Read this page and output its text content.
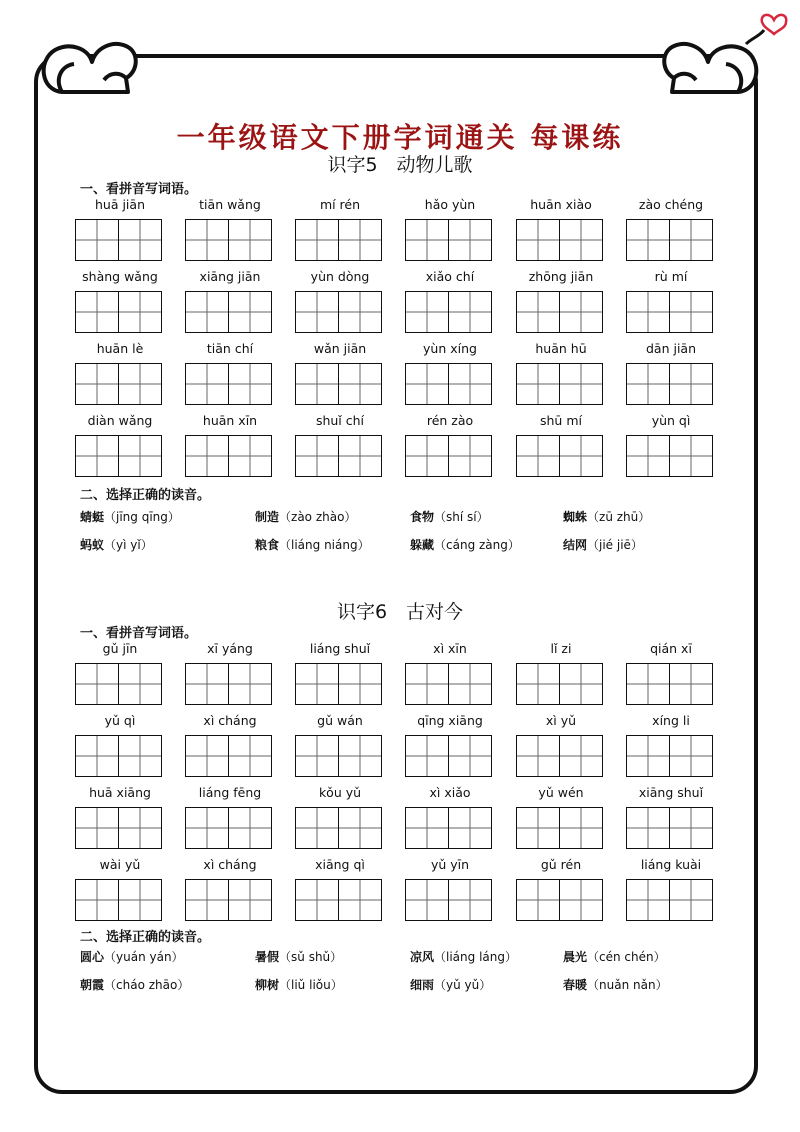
一年级语文下册字词通关 每课练
识字5　动物儿歌
一、看拼音写词语。
huā jiān	tiān wǎng	mí rén	hǎo yùn	huān xiào	zào chéng
shàng wǎng	xiāng jiān	yùn dòng	xiǎo chí	zhōng jiān	rù mí
huān lè	tiān chí	wǎn jiān	yùn xíng	huān hū	dān jiān
diàn wǎng	huān xīn	shuǐ chí	rén zào	shū mí	yùn qì
二、选择正确的读音。
蜻蜓（jīng qīng）	制造（zào zhào）	食物（shí sí）	蜘蛛（zū zhū）
蚂蚁（yì yǐ）	粮食（liáng niáng）	躲藏（cáng zàng）	结网（jié jiē）
识字6　古对今
一、看拼音写词语。
gǔ jīn	xī yáng	liáng shuǐ	xì xīn	lǐ zi	qián xī
yǔ qì	xì cháng	gǔ wán	qīng xiāng	xì yǔ	xíng li
huā xiāng	liáng fēng	kǒu yǔ	xì xiǎo	yǔ wén	xiāng shuǐ
wài yǔ	xì cháng	xiāng qì	yǔ yīn	gǔ rén	liáng kuài
二、选择正确的读音。
圆心（yuán yán）	暑假（sǔ shǔ）	凉风（liáng láng）	晨光（cén chén）
朝霞（cháo zhāo）	柳树（liǔ liǒu）	细雨（yǔ yǔ）	春暖（nuǎn nǎn）
